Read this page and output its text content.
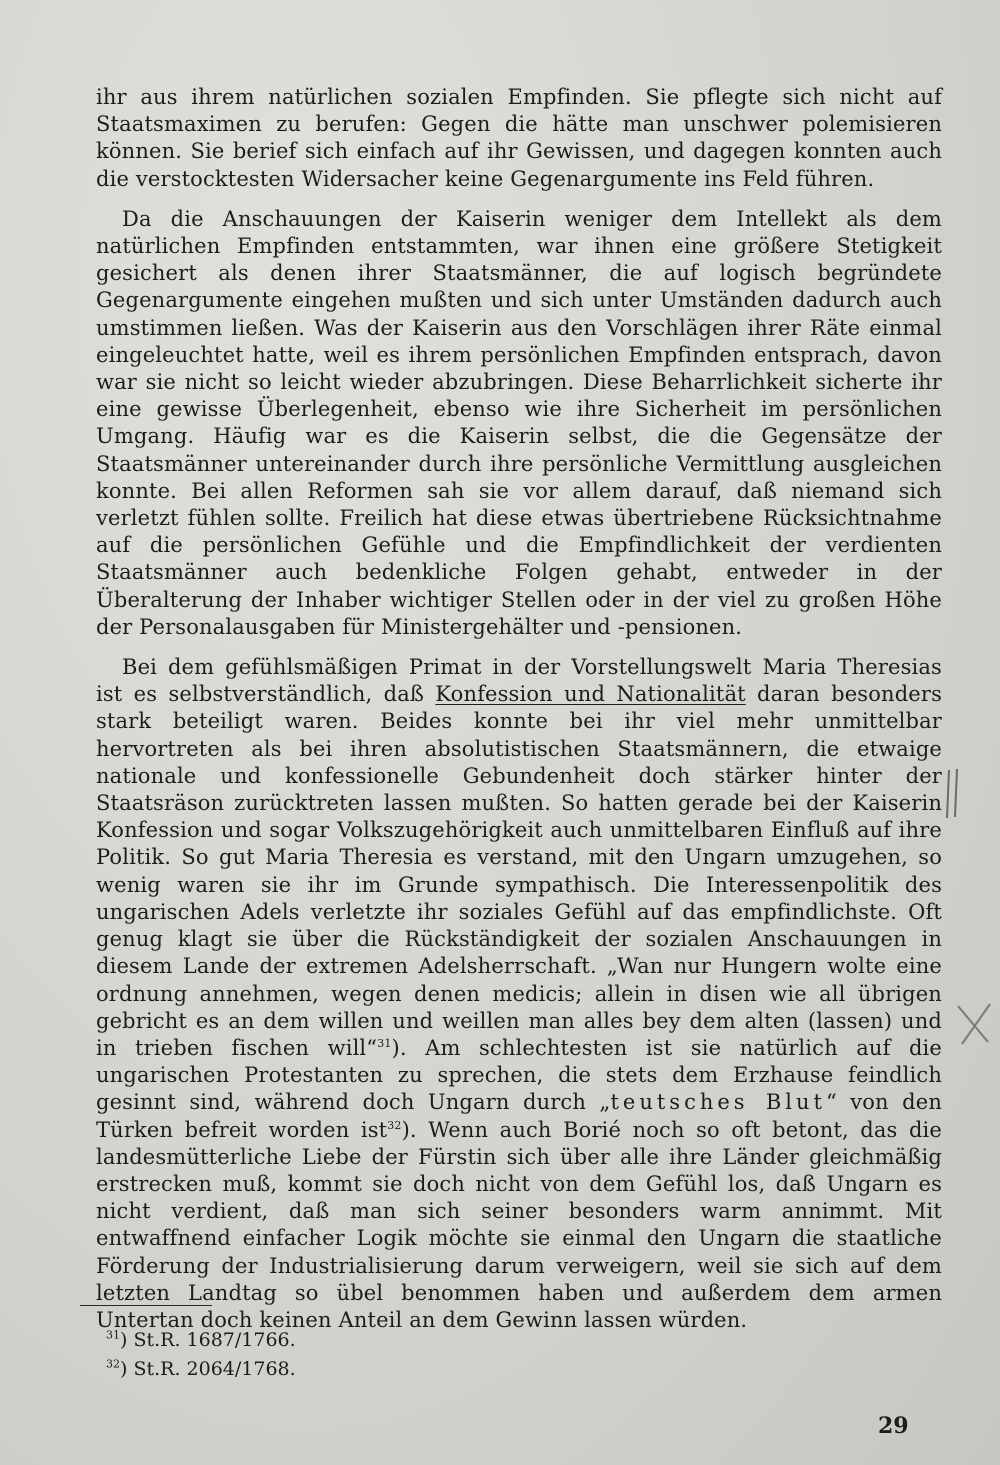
ihr aus ihrem natürlichen sozialen Empfinden. Sie pflegte sich nicht auf Staatsmaximen zu berufen: Gegen die hätte man unschwer polemisieren können. Sie berief sich einfach auf ihr Gewissen, und dagegen konnten auch die verstocktesten Widersacher keine Gegenargumente ins Feld führen.

Da die Anschauungen der Kaiserin weniger dem Intellekt als dem natürlichen Empfinden entstammten, war ihnen eine größere Stetigkeit gesichert als denen ihrer Staatsmänner, die auf logisch begründete Gegenargumente eingehen mußten und sich unter Umständen dadurch auch umstimmen ließen. Was der Kaiserin aus den Vorschlägen ihrer Räte einmal eingeleuchtet hatte, weil es ihrem persönlichen Empfinden entsprach, davon war sie nicht so leicht wieder abzubringen. Diese Beharrlichkeit sicherte ihr eine gewisse Überlegenheit, ebenso wie ihre Sicherheit im persönlichen Umgang. Häufig war es die Kaiserin selbst, die die Gegensätze der Staatsmänner untereinander durch ihre persönliche Vermittlung ausgleichen konnte. Bei allen Reformen sah sie vor allem darauf, daß niemand sich verletzt fühlen sollte. Freilich hat diese etwas übertriebene Rücksichtnahme auf die persönlichen Gefühle und die Empfindlichkeit der verdienten Staatsmänner auch bedenkliche Folgen gehabt, entweder in der Überalterung der Inhaber wichtiger Stellen oder in der viel zu großen Höhe der Personalausgaben für Ministergehälter und -pensionen.

Bei dem gefühlsmäßigen Primat in der Vorstellungswelt Maria Theresias ist es selbstverständlich, daß Konfession und Nationalität daran besonders stark beteiligt waren. Beides konnte bei ihr viel mehr unmittelbar hervortreten als bei ihren absolutistischen Staatsmännern, die etwaige nationale und konfessionelle Gebundenheit doch stärker hinter der Staatsräson zurücktreten lassen mußten. So hatten gerade bei der Kaiserin Konfession und sogar Volkszugehörigkeit auch unmittelbaren Einfluß auf ihre Politik. So gut Maria Theresia es verstand, mit den Ungarn umzugehen, so wenig waren sie ihr im Grunde sympathisch. Die Interessenpolitik des ungarischen Adels verletzte ihr soziales Gefühl auf das empfindlichste. Oft genug klagt sie über die Rückständigkeit der sozialen Anschauungen in diesem Lande der extremen Adelsherrschaft. „Wan nur Hungern wolte eine ordnung annehmen, wegen denen medicis; allein in disen wie all übrigen gebricht es an dem willen und weillen man alles bey dem alten (lassen) und in trieben fischen will“$^{31}$). Am schlechtesten ist sie natürlich auf die ungarischen Protestanten zu sprechen, die stets dem Erzhause feindlich gesinnt sind, während doch Ungarn durch „teutsches Blut“ von den Türken befreit worden ist$^{32}$). Wenn auch Borié noch so oft betont, das die landesmütterliche Liebe der Fürstin sich über alle ihre Länder gleichmäßig erstrecken muß, kommt sie doch nicht von dem Gefühl los, daß Ungarn es nicht verdient, daß man sich seiner besonders warm annimmt. Mit entwaffnend einfacher Logik möchte sie einmal den Ungarn die staatliche Förderung der Industrialisierung darum verweigern, weil sie sich auf dem letzten Landtag so übel benommen haben und außerdem dem armen Untertan doch keinen Anteil an dem Gewinn lassen würden.

$^{31}$) St.R. 1687/1766.
$^{32}$) St.R. 2064/1768.
29
